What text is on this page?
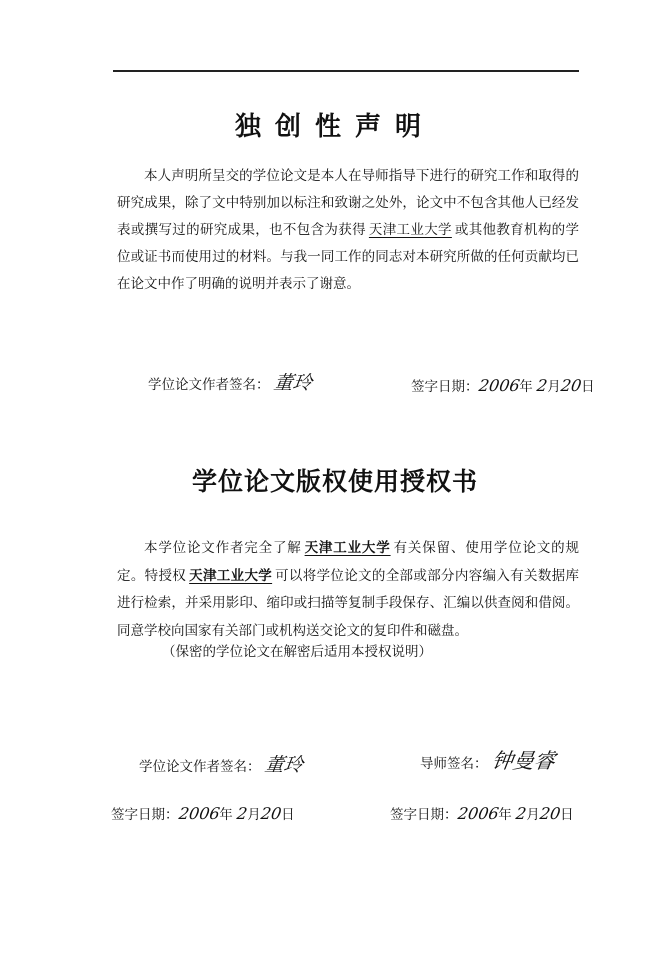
独创性声明
本人声明所呈交的学位论文是本人在导师指导下进行的研究工作和取得的研究成果，除了文中特别加以标注和致谢之处外，论文中不包含其他人已经发表或撰写过的研究成果，也不包含为获得 天津工业大学 或其他教育机构的学位或证书而使用过的材料。与我一同工作的同志对本研究所做的任何贡献均已在论文中作了明确的说明并表示了谢意。
学位论文作者签名： 董玲	签字日期：2006年 2月20日
学位论文版权使用授权书
本学位论文作者完全了解 天津工业大学 有关保留、使用学位论文的规定。特授权 天津工业大学 可以将学位论文的全部或部分内容编入有关数据库进行检索，并采用影印、缩印或扫描等复制手段保存、汇编以供查阅和借阅。同意学校向国家有关部门或机构送交论文的复印件和磁盘。
（保密的学位论文在解密后适用本授权说明）
学位论文作者签名： 董玲	导师签名： 钟曼睿
签字日期：2006年 2月20日	签字日期：2006年 2月20日
